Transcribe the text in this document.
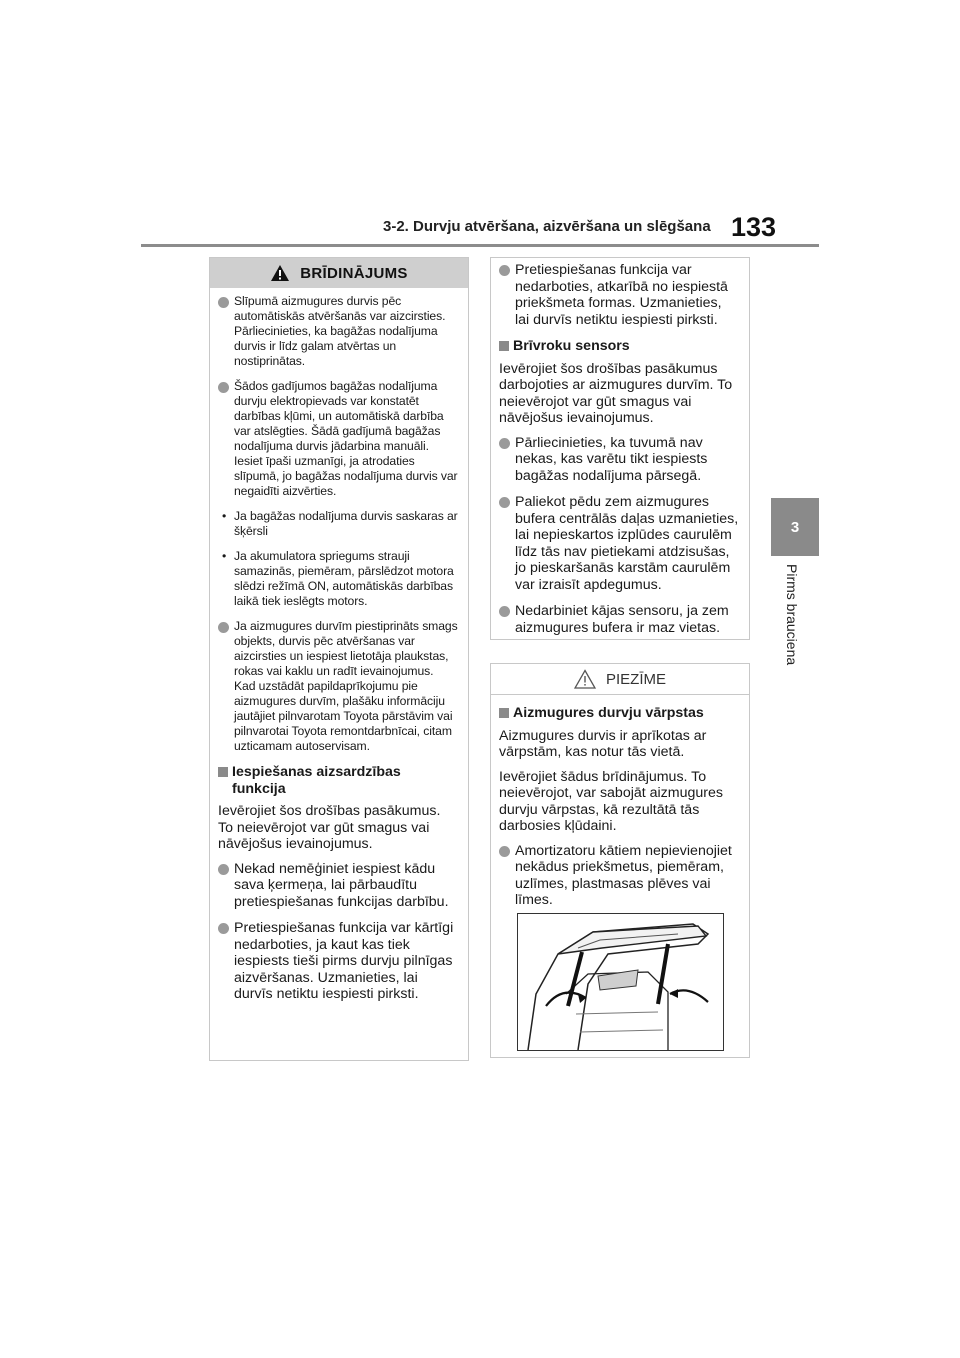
3-2. Durvju atvēršana, aizvēršana un slēgšana 133
3
Pirms brauciena
BRĪDINĀJUMS
Slīpumā aizmugures durvis pēc automātiskās atvēršanās var aizcirsties. Pārliecinieties, ka bagāžas nodalījuma durvis ir līdz galam atvērtas un nostiprinātas.
Šādos gadījumos bagāžas nodalījuma durvju elektropievads var konstatēt darbības kļūmi, un automātiskā darbība var atslēgties. Šādā gadījumā bagāžas nodalījuma durvis jādarbina manuāli. Iesiet īpaši uzmanīgi, ja atrodaties slīpumā, jo bagāžas nodalījuma durvis var negaidīti aizvērties.
• Ja bagāžas nodalījuma durvis saskaras ar šķērsli
• Ja akumulatora spriegums strauji samazinās, piemēram, pārslēdzot motora slēdzi režīmā ON, automātiskās darbības laikā tiek ieslēgts motors.
Ja aizmugures durvīm piestiprināts smags objekts, durvis pēc atvēršanas var aizcirsties un iespiest lietotāja plaukstas, rokas vai kaklu un radīt ievainojumus. Kad uzstādāt papildaprīkojumu pie aizmugures durvīm, plašāku informāciju jautājiet pilnvarotam Toyota pārstāvim vai pilnvarotai Toyota remontdarbnīcai, citam uzticamam autoservisam.
Iespiešanas aizsardzības funkcija
Ievērojiet šos drošības pasākumus. To neievērojot var gūt smagus vai nāvējošus ievainojumus.
Nekad nemēģiniet iespiest kādu sava ķermeņa, lai pārbaudītu pretiespiešanas funkcijas darbību.
Pretiespiešanas funkcija var kārtīgi nedarboties, ja kaut kas tiek iespiests tieši pirms durvju pilnīgas aizvēršanas. Uzmanieties, lai durvīs netiktu iespiesti pirksti.
Pretiespiešanas funkcija var nedarboties, atkarībā no iespiestā priekšmeta formas. Uzmanieties, lai durvīs netiktu iespiesti pirksti.
Brīvroku sensors
Ievērojiet šos drošības pasākumus darbojoties ar aizmugures durvīm. To neievērojot var gūt smagus vai nāvējošus ievainojumus.
Pārliecinieties, ka tuvumā nav nekas, kas varētu tikt iespiests bagāžas nodalījuma pārsegā.
Paliekot pēdu zem aizmugures bufera centrālās daļas uzmanieties, lai nepieskartos izplūdes caurulēm līdz tās nav pietiekami atdzisušas, jo pieskaršanās karstām caurulēm var izraisīt apdegumus.
Nedarbiniet kājas sensoru, ja zem aizmugures bufera ir maz vietas.
PIEZĪME
Aizmugures durvju vārpstas
Aizmugures durvis ir aprīkotas ar vārpstām, kas notur tās vietā.
Ievērojiet šādus brīdinājumus. To neievērojot, var sabojāt aizmugures durvju vārpstas, kā rezultātā tās darbosies kļūdaini.
Amortizatoru kātiem nepievienojiet nekādus priekšmetus, piemēram, uzlīmes, plastmasas plēves vai līmes.
